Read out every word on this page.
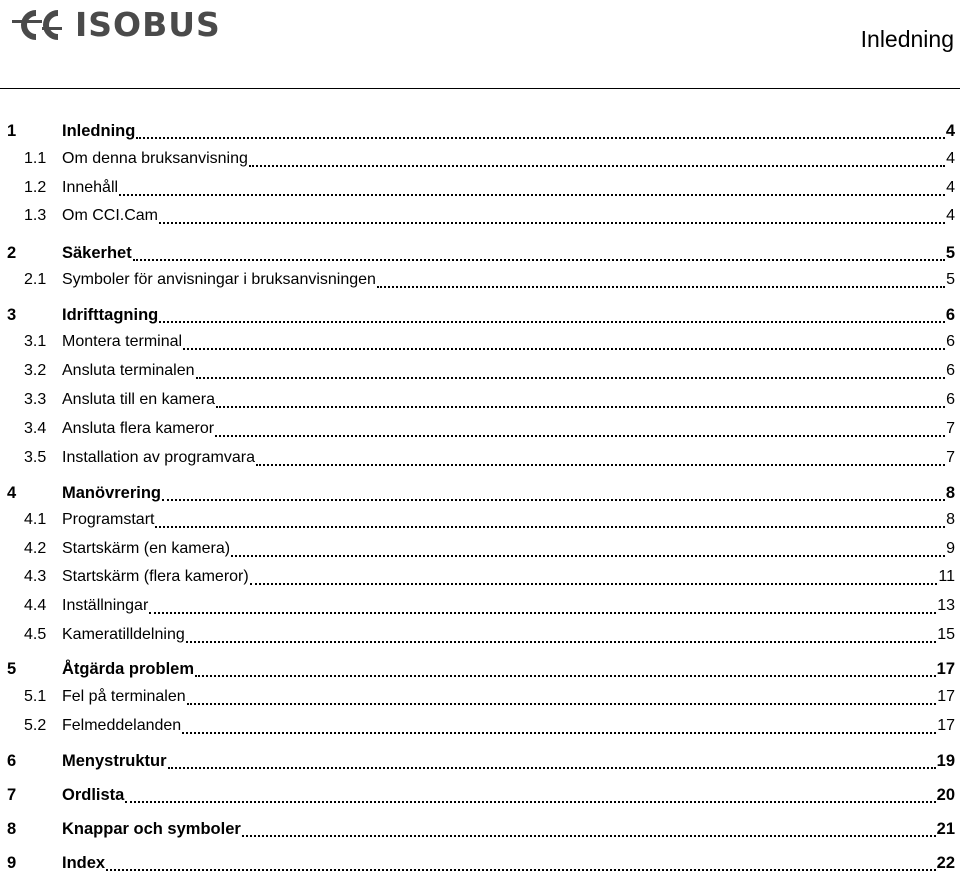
ISOBUS	Inledning
1	Inledning	4
1.1 Om denna bruksanvisning	4
1.2 Innehåll	4
1.3 Om CCI.Cam	4
2	Säkerhet	5
2.1 Symboler för anvisningar i bruksanvisningen	5
3	Idrifttagning	6
3.1 Montera terminal	6
3.2 Ansluta terminalen	6
3.3 Ansluta till en kamera	6
3.4 Ansluta flera kameror	7
3.5 Installation av programvara	7
4	Manövrering	8
4.1 Programstart	8
4.2 Startskärm (en kamera)	9
4.3 Startskärm (flera kameror)	11
4.4 Inställningar	13
4.5 Kameratilldelning	15
5	Åtgärda problem	17
5.1 Fel på terminalen	17
5.2 Felmeddelanden	17
6	Menystruktur	19
7	Ordlista	20
8	Knappar och symboler	21
9	Index	22
